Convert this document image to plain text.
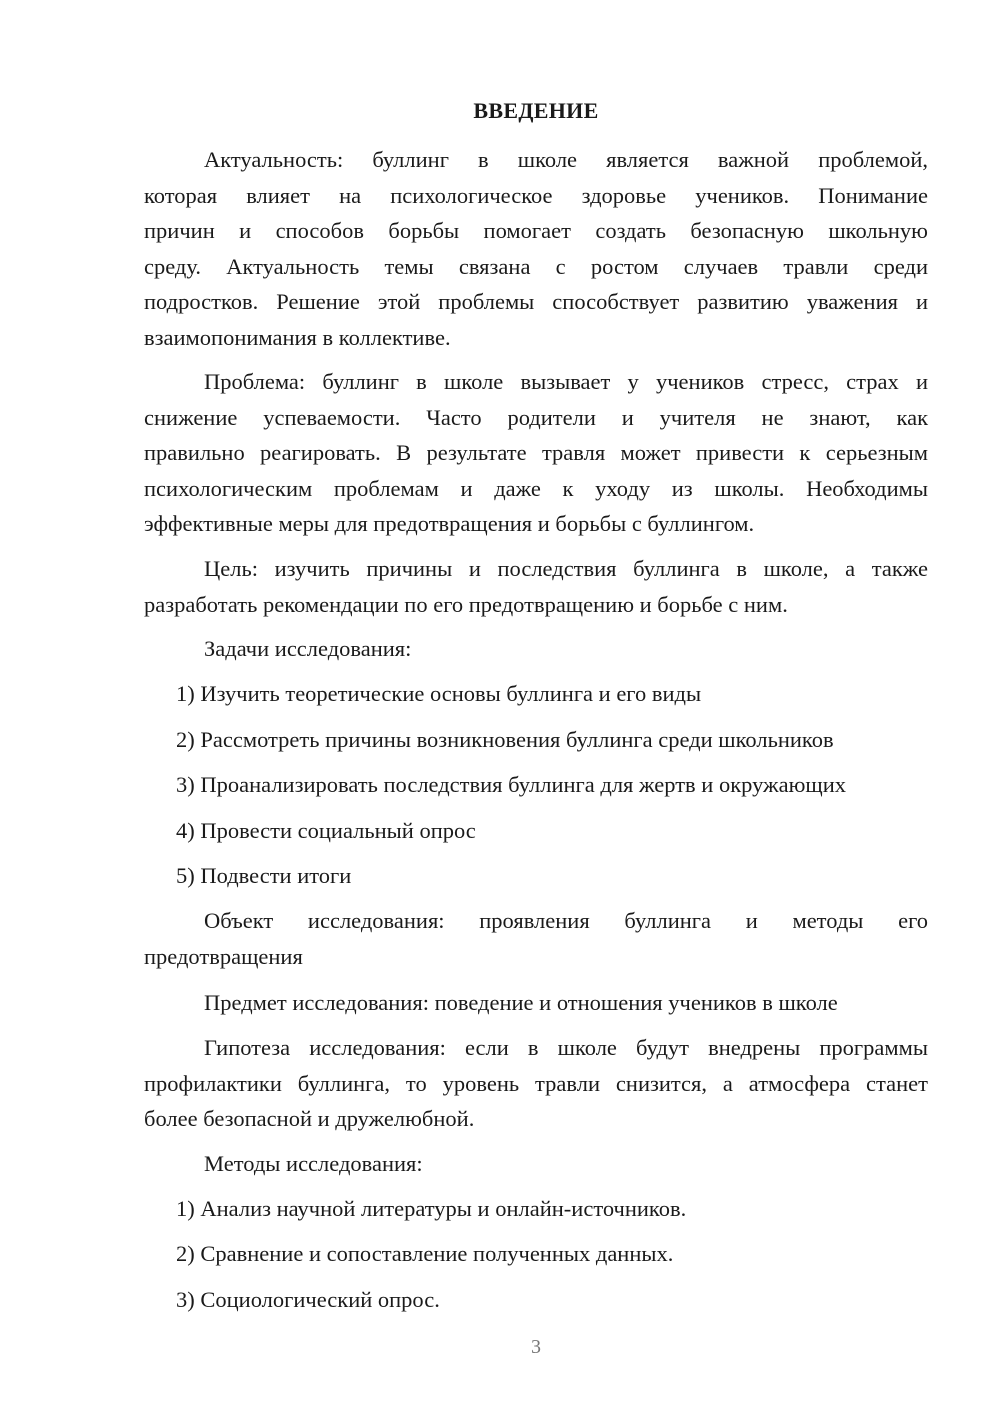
ВВЕДЕНИЕ
Актуальность: буллинг в школе является важной проблемой,
которая влияет на психологическое здоровье учеников. Понимание
причин и способов борьбы помогает создать безопасную школьную
среду. Актуальность темы связана с ростом случаев травли среди
подростков. Решение этой проблемы способствует развитию уважения и
взаимопонимания в коллективе.
Проблема: буллинг в школе вызывает у учеников стресс, страх и
снижение успеваемости. Часто родители и учителя не знают, как
правильно реагировать. В результате травля может привести к серьезным
психологическим проблемам и даже к уходу из школы. Необходимы
эффективные меры для предотвращения и борьбы с буллингом.
Цель: изучить причины и последствия буллинга в школе, а также
разработать рекомендации по его предотвращению и борьбе с ним.
Задачи исследования:
1) Изучить теоретические основы буллинга и его виды
2) Рассмотреть причины возникновения буллинга среди школьников
3) Проанализировать последствия буллинга для жертв и окружающих
4) Провести социальный опрос
5) Подвести итоги
Объект исследования: проявления буллинга и методы его
предотвращения
Предмет исследования: поведение и отношения учеников в школе
Гипотеза исследования: если в школе будут внедрены программы
профилактики буллинга, то уровень травли снизится, а атмосфера станет
более безопасной и дружелюбной.
Методы исследования:
1) Анализ научной литературы и онлайн-источников.
2) Сравнение и сопоставление полученных данных.
3) Социологический опрос.
3
